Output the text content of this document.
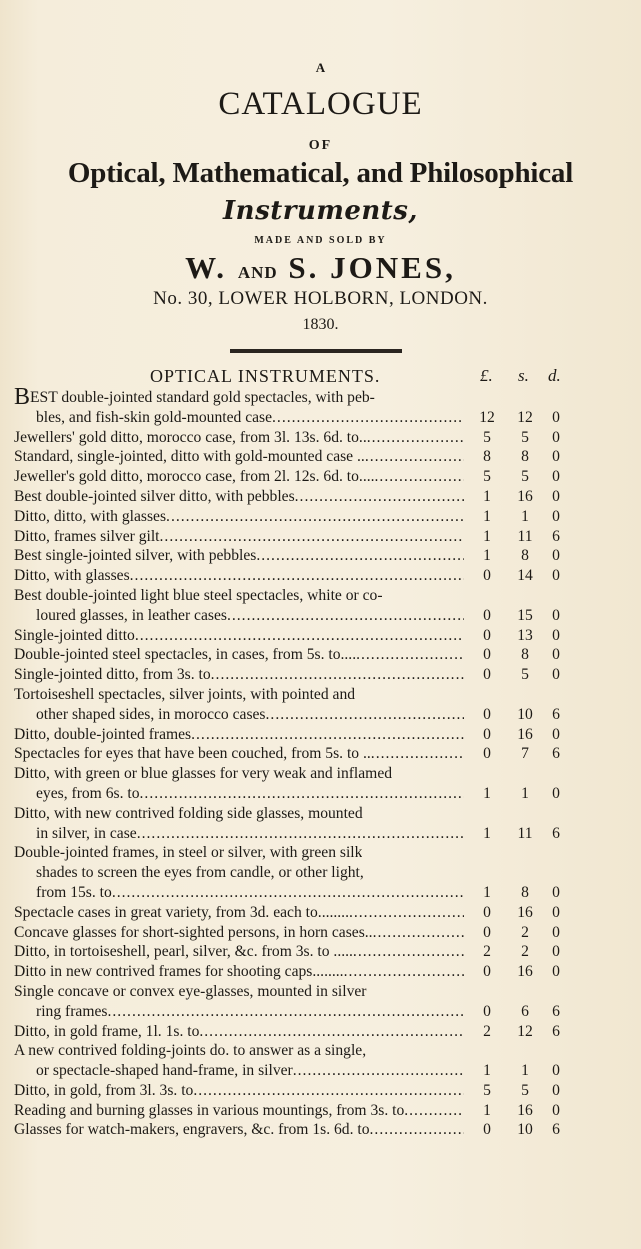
A
CATALOGUE
OF
Optical, Mathematical, and Philosophical
Instruments,
MADE AND SOLD BY
W. AND S. JONES,
No. 30, LOWER HOLBORN, LONDON.
1830.
OPTICAL INSTRUMENTS.	£. s. d.
B EST double-jointed standard gold spectacles, with peb-
bles, and fish-skin gold-mounted case .....	12	12	0
Jewellers' gold ditto, morocco case, from 3l. 13s. 6d. to.. .....	5	5	0
Standard, single-jointed, ditto with gold-mounted case .. .....	8	8	0
Jeweller's gold ditto, morocco case, from 2l. 12s. 6d. to.... .....	5	5	0
Best double-jointed silver ditto, with pebbles .....	1	16	0
Ditto, ditto, with glasses .....	1	1	0
Ditto, frames silver gilt .....	1	11	6
Best single-jointed silver, with pebbles .....	1	8	0
Ditto, with glasses .....	0	14	0
Best double-jointed light blue steel spectacles, white or co-
loured glasses, in leather cases .....	0	15	0
Single-jointed ditto .....	0	13	0
Double-jointed steel spectacles, in cases, from 5s. to.... .....	0	8	0
Single-jointed ditto, from 3s. to .....	0	5	0
Tortoiseshell spectacles, silver joints, with pointed and
other shaped sides, in morocco cases .....	0	10	6
Ditto, double-jointed frames .....	0	16	0
Spectacles for eyes that have been couched, from 5s. to .. .....	0	7	6
Ditto, with green or blue glasses for very weak and inflamed
eyes, from 6s. to .....	1	1	0
Ditto, with new contrived folding side glasses, mounted
in silver, in case .....	1	11	6
Double-jointed frames, in steel or silver, with green silk
shades to screen the eyes from candle, or other light,
from 15s. to .....	1	8	0
Spectacle cases in great variety, from 3d. each to........ .....	0	16	0
Concave glasses for short-sighted persons, in horn cases.. .....	0	2	0
Ditto, in tortoiseshell, pearl, silver, &c. from 3s. to ..... .....	2	2	0
Ditto in new contrived frames for shooting caps........ .....	0	16	0
Single concave or convex eye-glasses, mounted in silver
ring frames .....	0	6	6
Ditto, in gold frame, 1l. 1s. to .....	2	12	6
A new contrived folding-joints do. to answer as a single,
or spectacle-shaped hand-frame, in silver .....	1	1	0
Ditto, in gold, from 3l. 3s. to .....	5	5	0
Reading and burning glasses in various mountings, from 3s. to .....	1	16	0
Glasses for watch-makers, engravers, &c. from 1s. 6d. to .....	0	10	6
